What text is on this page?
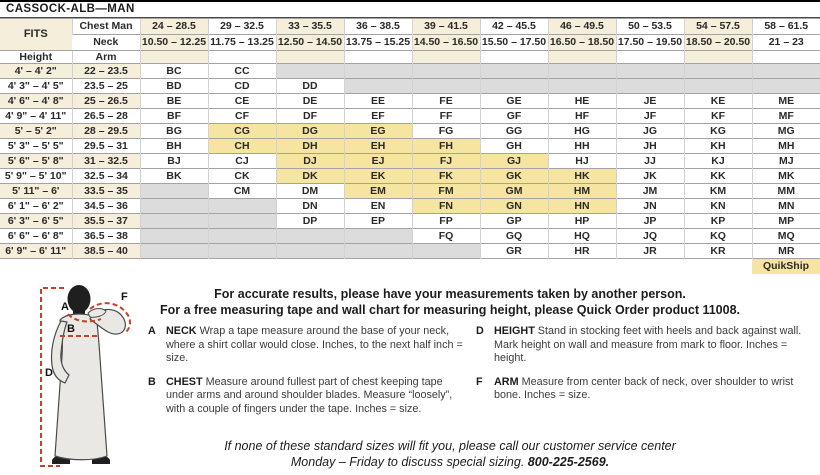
CASSOCK-ALB—MAN
FITS	Chest Man	24 – 28.5	29 – 32.5	33 – 35.5	36 – 38.5	39 – 41.5	42 – 45.5	46 – 49.5	50 – 53.5	54 – 57.5	58 – 61.5
	Neck	10.50 – 12.25	11.75 – 13.25	12.50 – 14.50	13.75 – 15.25	14.50 – 16.50	15.50 – 17.50	16.50 – 18.50	17.50 – 19.50	18.50 – 20.50	21 – 23
Height	Arm										
4' – 4' 2"	22 – 23.5	BC	CC								
4' 3" – 4' 5"	23.5 – 25	BD	CD	DD							
4' 6" – 4' 8"	25 – 26.5	BE	CE	DE	EE	FE	GE	HE	JE	KE	ME
4' 9" – 4' 11"	26.5 – 28	BF	CF	DF	EF	FF	GF	HF	JF	KF	MF
5' – 5' 2"	28 – 29.5	BG	CG	DG	EG	FG	GG	HG	JG	KG	MG
5' 3" – 5' 5"	29.5 – 31	BH	CH	DH	EH	FH	GH	HH	JH	KH	MH
5' 6" – 5' 8"	31 – 32.5	BJ	CJ	DJ	EJ	FJ	GJ	HJ	JJ	KJ	MJ
5' 9" – 5' 10"	32.5 – 34	BK	CK	DK	EK	FK	GK	HK	JK	KK	MK
5' 11" – 6'	33.5 – 35		CM	DM	EM	FM	GM	HM	JM	KM	MM
6' 1" – 6' 2"	34.5 – 36			DN	EN	FN	GN	HN	JN	KN	MN
6' 3" – 6' 5"	35.5 – 37			DP	EP	FP	GP	HP	JP	KP	MP
6' 6" – 6' 8"	36.5 – 38					FQ	GQ	HQ	JQ	KQ	MQ
6' 9" – 6' 11"	38.5 – 40						GR	HR	JR	KR	MR
											QuikShip
A
B
D
F	For accurate results, please have your measurements taken by another person.
For a free measuring tape and wall chart for measuring height, please Quick Order product 11008.
A NECK Wrap a tape measure around the base of your neck, where a shirt collar would close. Inches, to the next half inch = size.
B CHEST Measure around fullest part of chest keeping tape under arms and around shoulder blades. Measure “loosely”, with a couple of fingers under the tape. Inches = size.
D HEIGHT Stand in stocking feet with heels and back against wall. Mark height on wall and measure from mark to floor. Inches = height.
F ARM Measure from center back of neck, over shoulder to wrist bone. Inches = size.
If none of these standard sizes will fit you, please call our customer service center
Monday – Friday to discuss special sizing. 800-225-2569.
